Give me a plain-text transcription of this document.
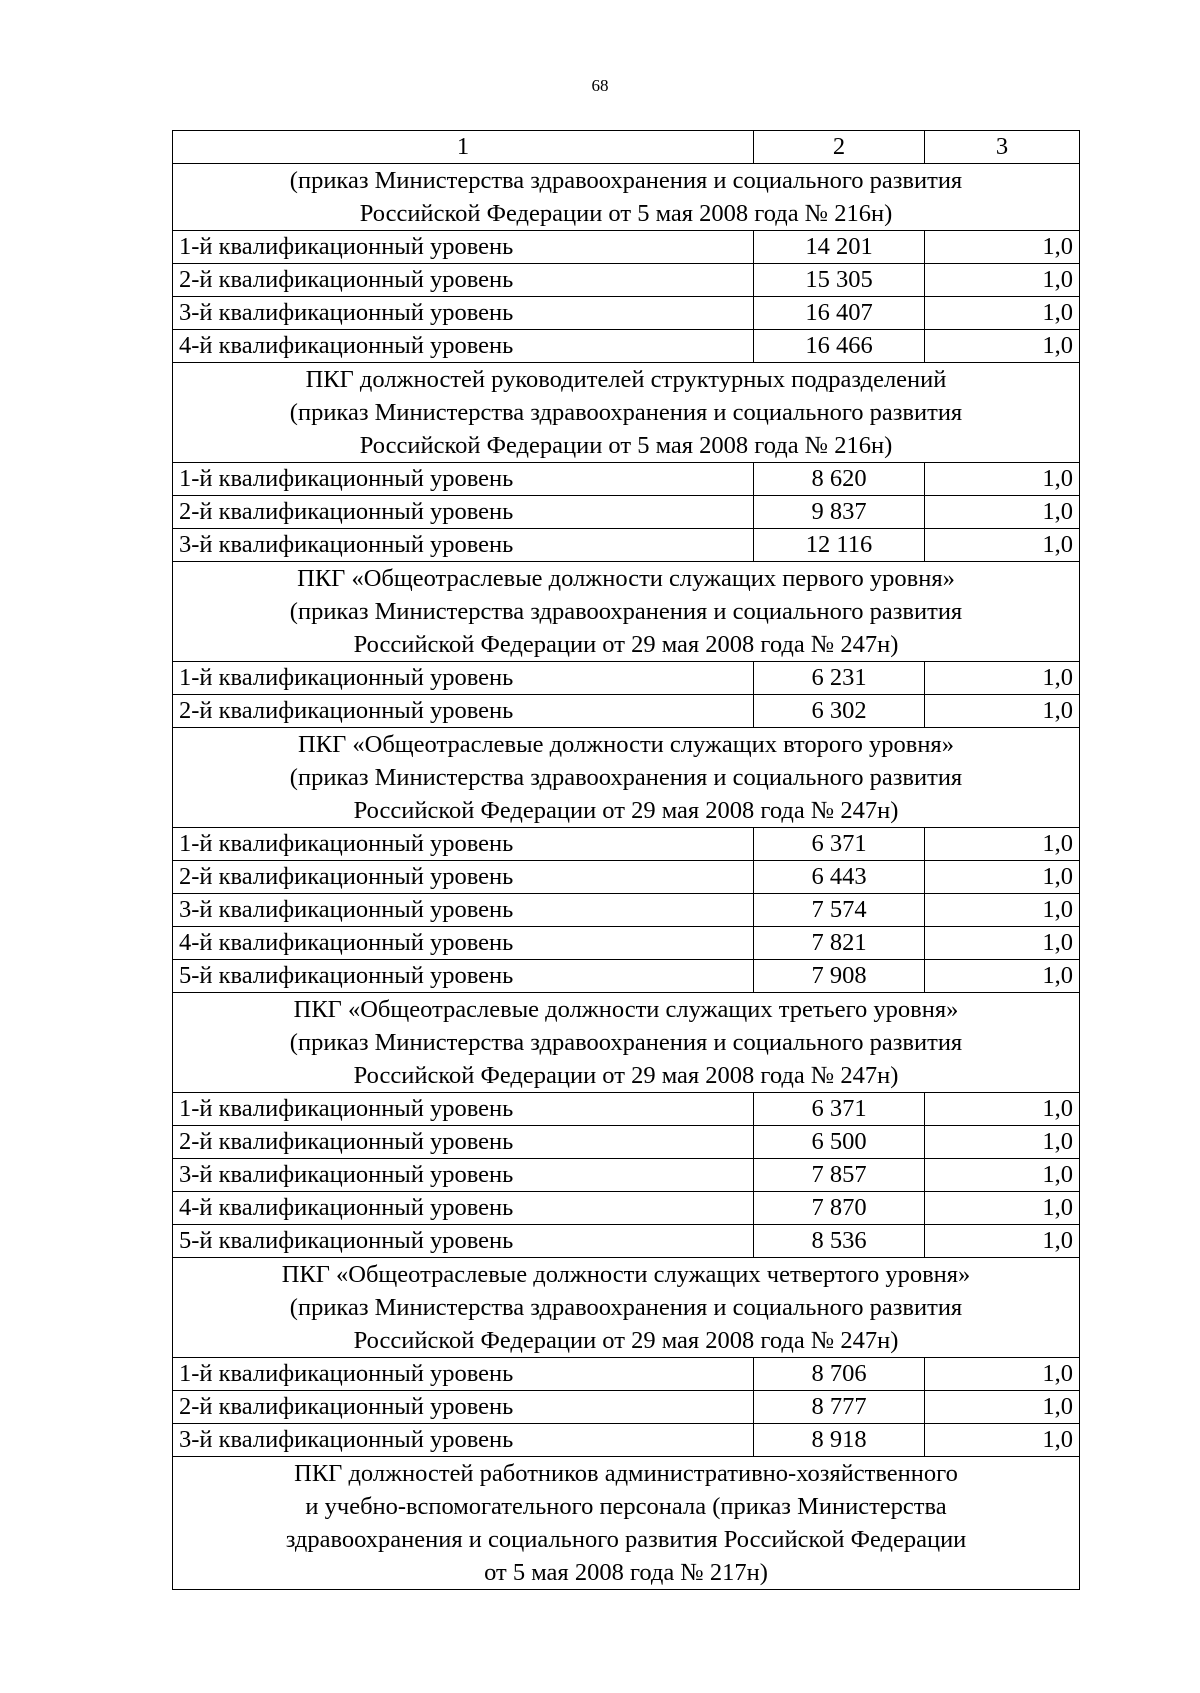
68
1	2	3

(приказ Министерства здравоохранения и социального развития
Российской Федерации от 5 мая 2008 года № 216н)		

1-й квалификационный уровень	14 201	1,0
2-й квалификационный уровень	15 305	1,0
3-й квалификационный уровень	16 407	1,0
4-й квалификационный уровень	16 466	1,0

ПКГ должностей руководителей структурных подразделений
(приказ Министерства здравоохранения и социального развития
Российской Федерации от 5 мая 2008 года № 216н)		

1-й квалификационный уровень	8 620	1,0
2-й квалификационный уровень	9 837	1,0
3-й квалификационный уровень	12 116	1,0

ПКГ «Общеотраслевые должности служащих первого уровня»
(приказ Министерства здравоохранения и социального развития
Российской Федерации от 29 мая 2008 года № 247н)		

1-й квалификационный уровень	6 231	1,0
2-й квалификационный уровень	6 302	1,0

ПКГ «Общеотраслевые должности служащих второго уровня»
(приказ Министерства здравоохранения и социального развития
Российской Федерации от 29 мая 2008 года № 247н)		

1-й квалификационный уровень	6 371	1,0
2-й квалификационный уровень	6 443	1,0
3-й квалификационный уровень	7 574	1,0
4-й квалификационный уровень	7 821	1,0
5-й квалификационный уровень	7 908	1,0

ПКГ «Общеотраслевые должности служащих третьего уровня»
(приказ Министерства здравоохранения и социального развития
Российской Федерации от 29 мая 2008 года № 247н)		

1-й квалификационный уровень	6 371	1,0
2-й квалификационный уровень	6 500	1,0
3-й квалификационный уровень	7 857	1,0
4-й квалификационный уровень	7 870	1,0
5-й квалификационный уровень	8 536	1,0

ПКГ «Общеотраслевые должности служащих четвертого уровня»
(приказ Министерства здравоохранения и социального развития
Российской Федерации от 29 мая 2008 года № 247н)		

1-й квалификационный уровень	8 706	1,0
2-й квалификационный уровень	8 777	1,0
3-й квалификационный уровень	8 918	1,0

ПКГ должностей работников административно-хозяйственного
и учебно-вспомогательного персонала (приказ Министерства
здравоохранения и социального развития Российской Федерации
от 5 мая 2008 года № 217н)		
